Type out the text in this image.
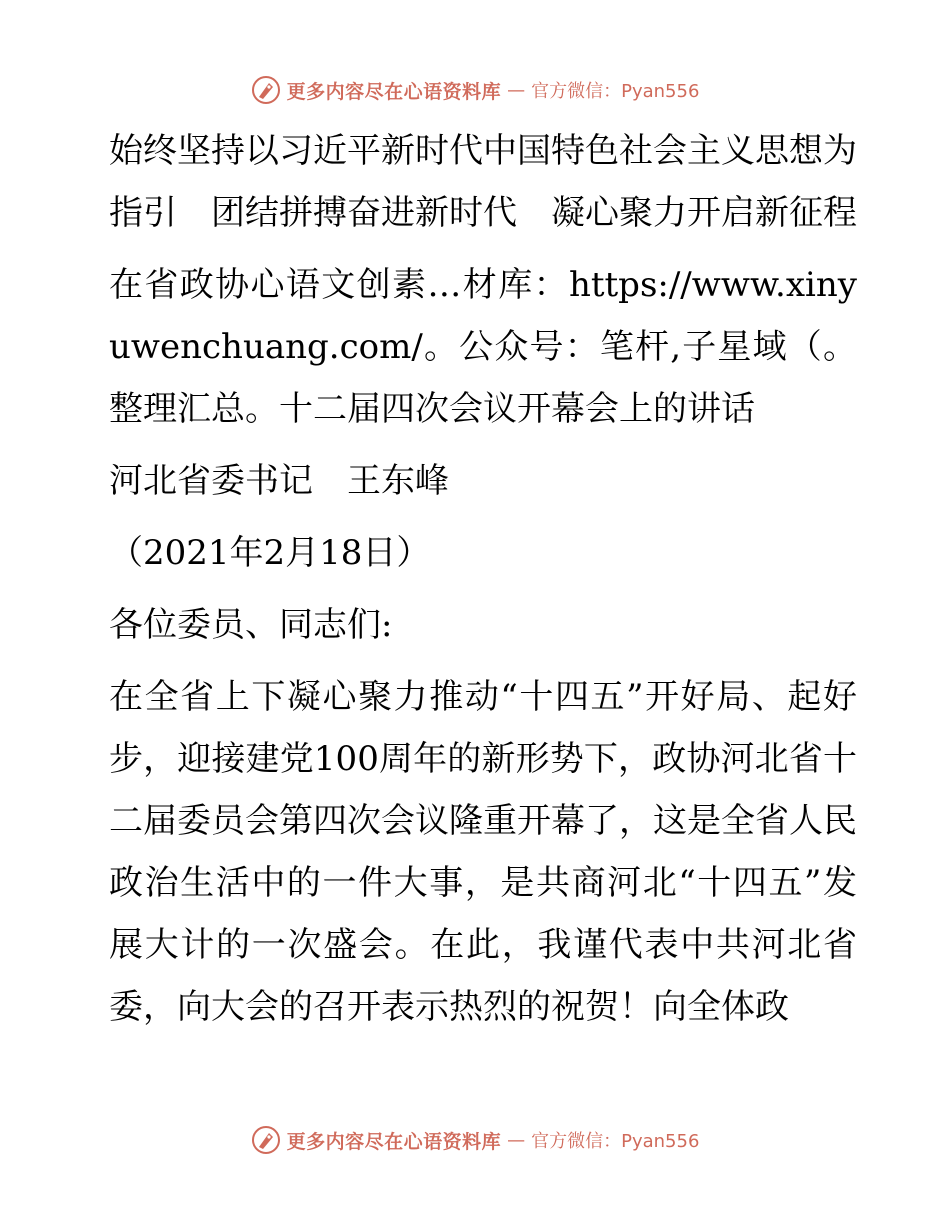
更多内容尽在心语资料库 — 官方微信：Pyan556

始终坚持以习近平新时代中国特色社会主义思想为指引　团结拼搏奋进新时代　凝心聚力开启新征程

在省政协心语文创素…材库：https://www.xinyuwenchuang.com/。公众号：笔杆,子星域（。整理汇总。十二届四次会议开幕会上的讲话

河北省委书记　王东峰

（2021年2月18日）

各位委员、同志们:

在全省上下凝心聚力推动“十四五”开好局、起好步，迎接建党100周年的新形势下，政协河北省十二届委员会第四次会议隆重开幕了，这是全省人民政治生活中的一件大事，是共商河北“十四五”发展大计的一次盛会。在此，我谨代表中共河北省委，向大会的召开表示热烈的祝贺！向全体政

更多内容尽在心语资料库 — 官方微信：Pyan556
